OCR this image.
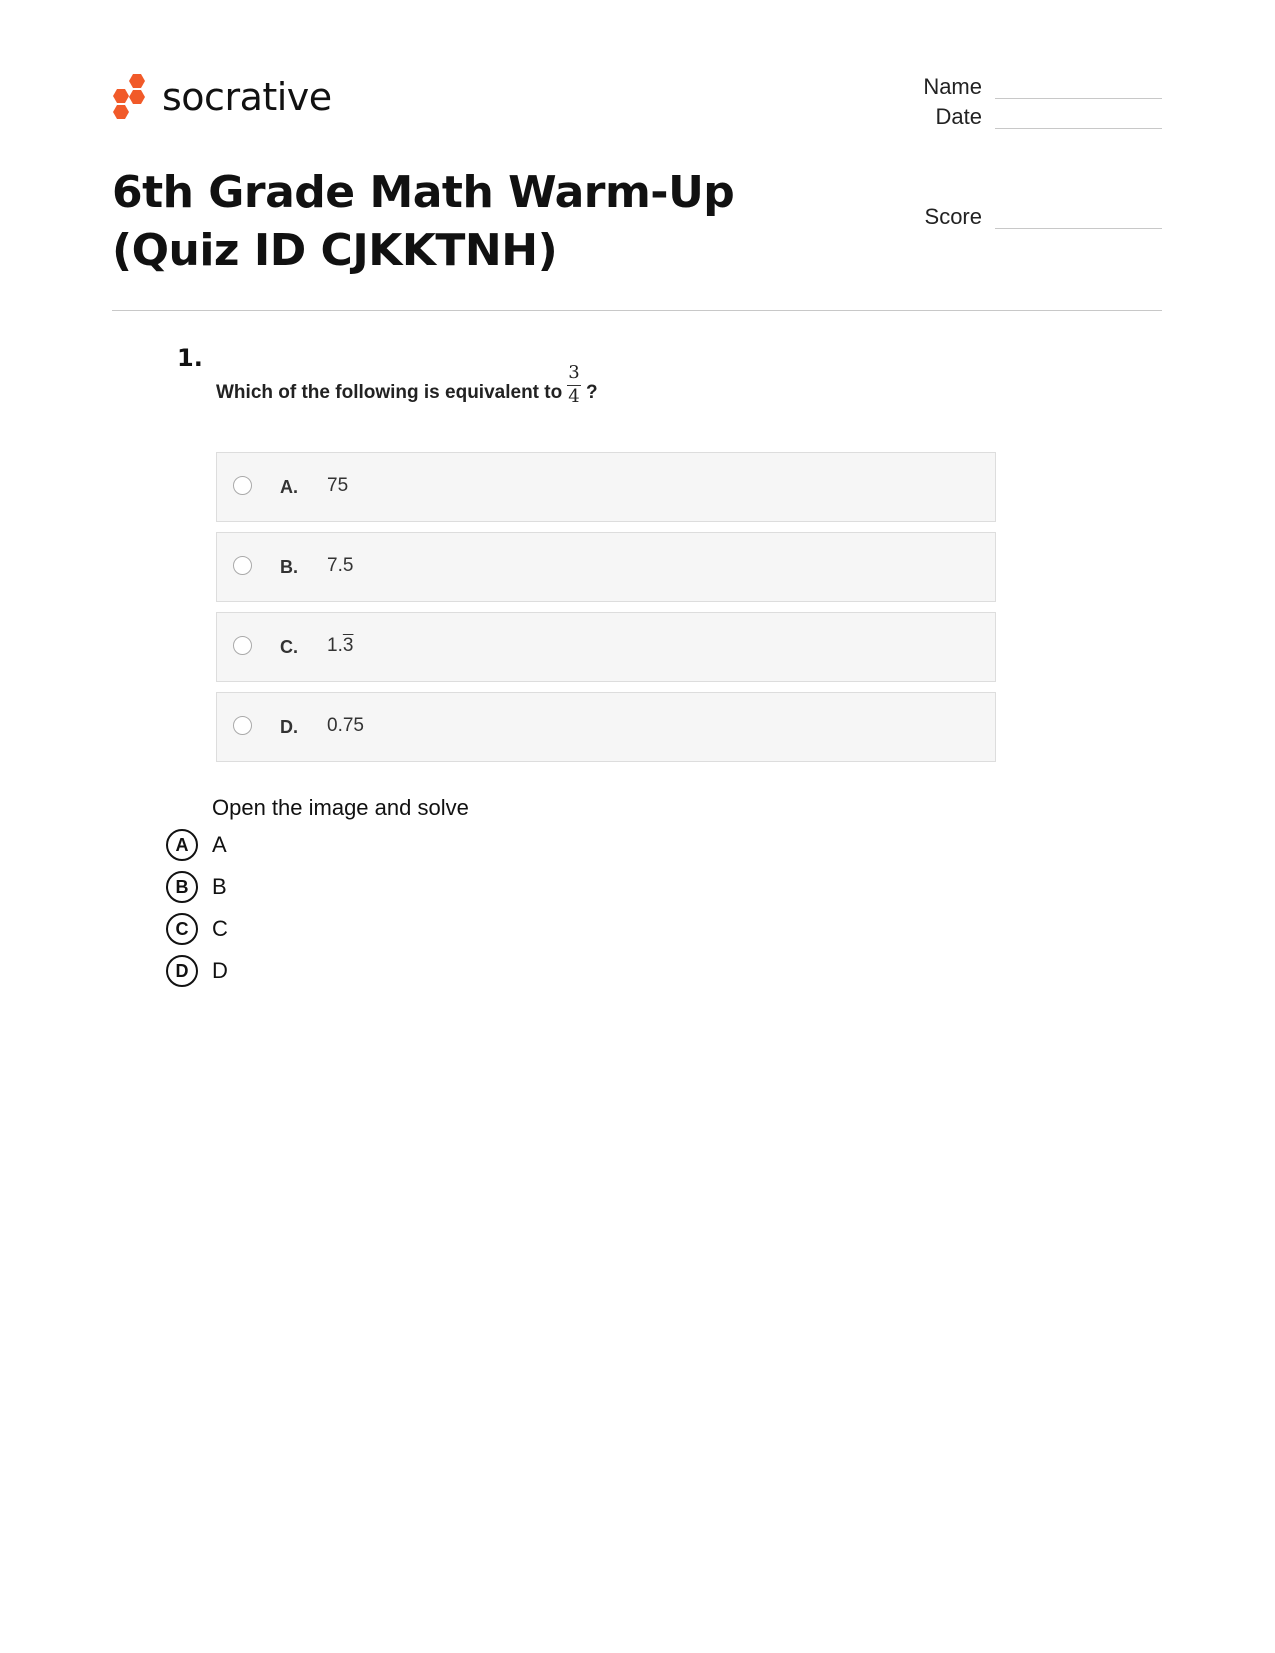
socrative	Name
Date
Score
6th Grade Math Warm-Up (Quiz ID CJKKTNH)
1.
Which of the following is equivalent to
3
4 ?
A. 75
B. 7.5
C. 1.3
D. 0.75
Open the image and solve
A	A
B	B
C	C
D	D
